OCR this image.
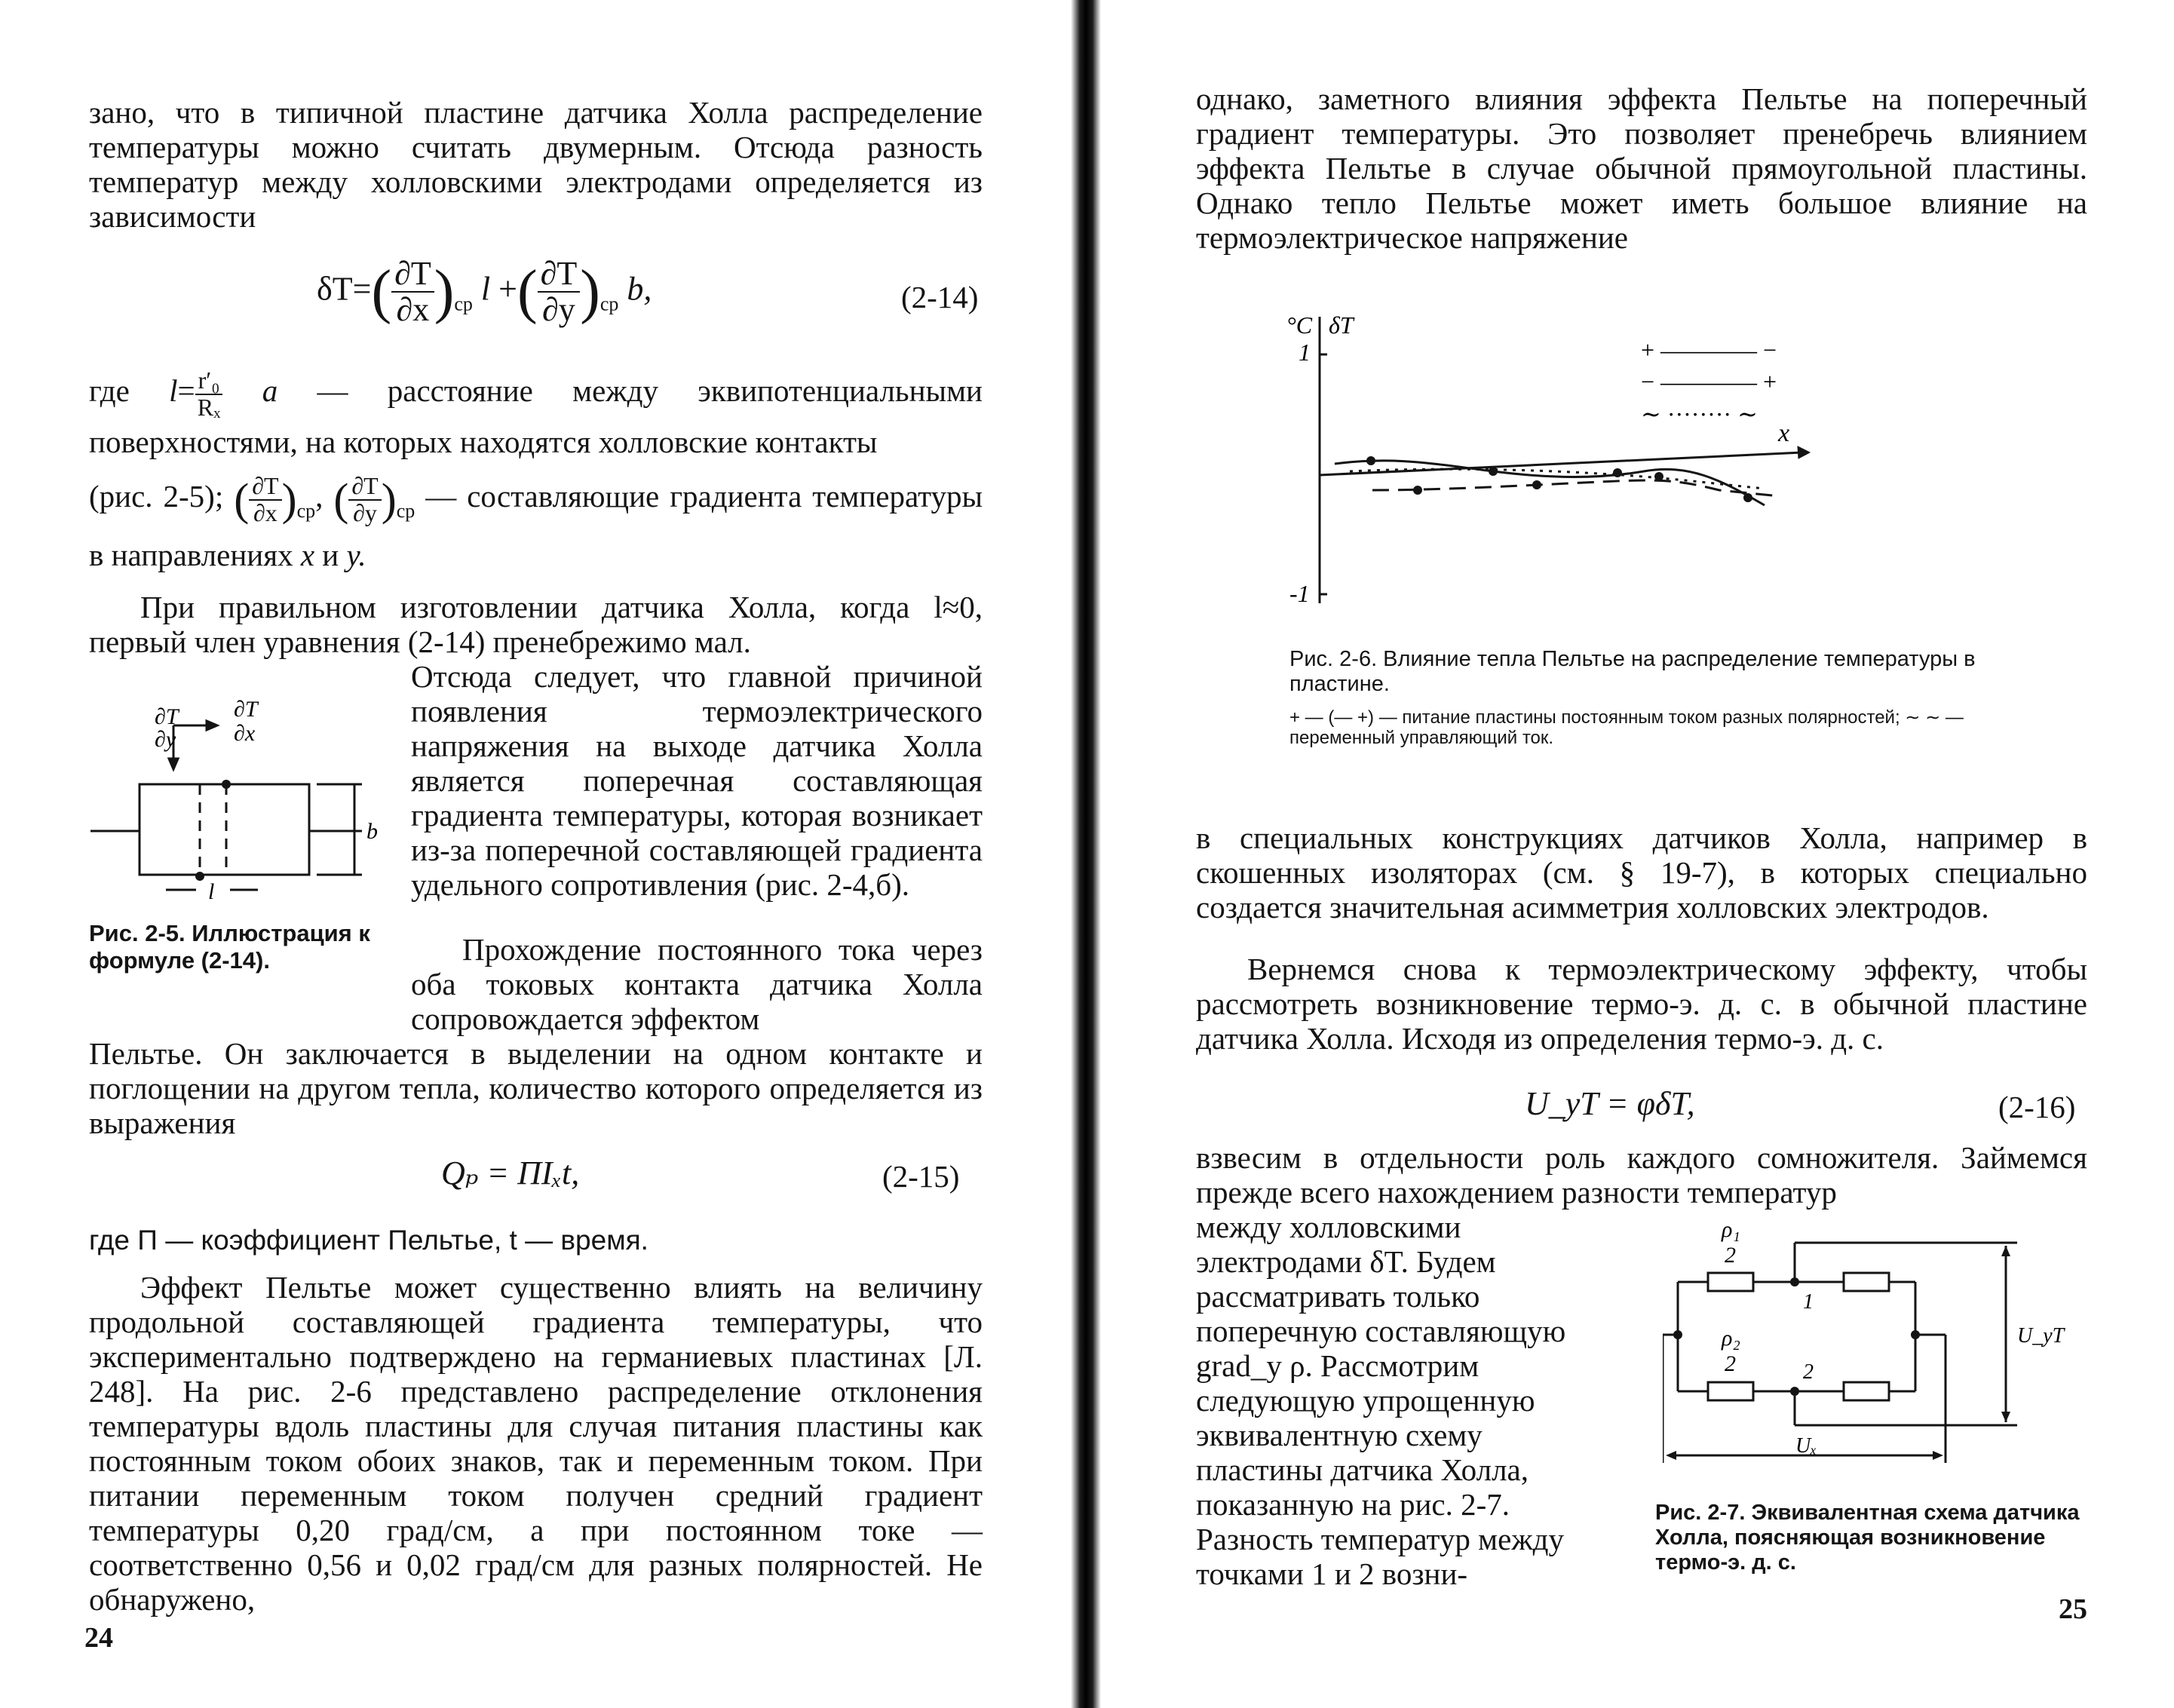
зано, что в типичной пластине датчика Холла распределение температуры можно считать двумерным. Отсюда разность температур между холловскими электродами определяется из зависимости

$\delta T=( \frac{\partial T}{\partial x} )_{ср}$ l +( $\frac{\partial T}{\partial y} )_{ср}$ b,	(2-14)

где $l= \frac{\text{r′₀}}{\text{Rₓ}}$ a — расстояние между эквипотенциальными поверхностями, на которых находятся холловские контакты

(рис. 2-5); ( $\frac{\partial T}{\partial x} )_{ср}$, ( $\frac{\partial T}{\partial y} )_{ср}$ — составляющие градиента температуры в направлениях x и y.

При правильном изготовлении датчика Холла, когда l≈0, первый член уравнения (2-14) пренебрежимо мал.

Отсюда следует, что главной причиной появления термоэлектрического напряжения на выходе датчика Холла является поперечная составляющая градиента температуры, которая возникает из-за поперечной составляющей градиента удельного сопротивления (рис. 2-4,б).

∂T
∂y
∂T
∂x
b
l

Рис. 2-5. Иллюстрация к формуле (2-14).	Прохождение постоянного тока через оба токовых контакта датчика Холла сопровождается эффектом

Пельтье. Он заключается в выделении на одном контакте и поглощении на другом тепла, количество которого определяется из выражения

Qₚ = ΠIₓt,	(2-15)

где Π — коэффициент Пельтье, t — время.

Эффект Пельтье может существенно влиять на величину продольной составляющей градиента температуры, что экспериментально подтверждено на германиевых пластинах [Л. 248]. На рис. 2-6 представлено распределение отклонения температуры вдоль пластины для случая питания пластины как постоянным током обоих знаков, так и переменным током. При питании переменным током получен средний градиент температуры 0,20 град/см, а при постоянном токе — соответственно 0,56 и 0,02 град/см для разных полярностей. Не обнаружено,

24

однако, заметного влияния эффекта Пельтье на поперечный градиент температуры. Это позволяет пренебречь влиянием эффекта Пельтье в случае обычной прямоугольной пластины. Однако тепло Пельтье может иметь большое влияние на термоэлектрическое напряжение

°C δT
1
-1
x
+ ———— −
− ———— +
∼ ········ ∼

Рис. 2-6. Влияние тепла Пельтье на распределение температуры в пластине.

+ — (— +) — питание пластины постоянным током разных полярностей; ∼ ∼ — переменный управляющий ток.

в специальных конструкциях датчиков Холла, например в скошенных изоляторах (см. § 19-7), в которых специально создается значительная асимметрия холловских электродов.

Вернемся снова к термоэлектрическому эффекту, чтобы рассмотреть возникновение термо-э. д. с. в обычной пластине датчика Холла. Исходя из определения термо-э. д. с.

U_yT = φδT,	(2-16)

взвесим в отдельности роль каждого сомножителя. Займемся прежде всего нахождением разности температур

между холловскими электродами δT. Будем рассматривать только поперечную составляющую grad_y ρ. Рассмотрим следующую упрощенную эквивалентную схему пластины датчика Холла, показанную на рис. 2-7. Разность температур между точками 1 и 2 возни-

ρ₁
2
ρ₂
2
1
2
U_yT
Uₓ

Рис. 2-7. Эквивалентная схема датчика Холла, поясняющая возникновение термо-э. д. с.

25
